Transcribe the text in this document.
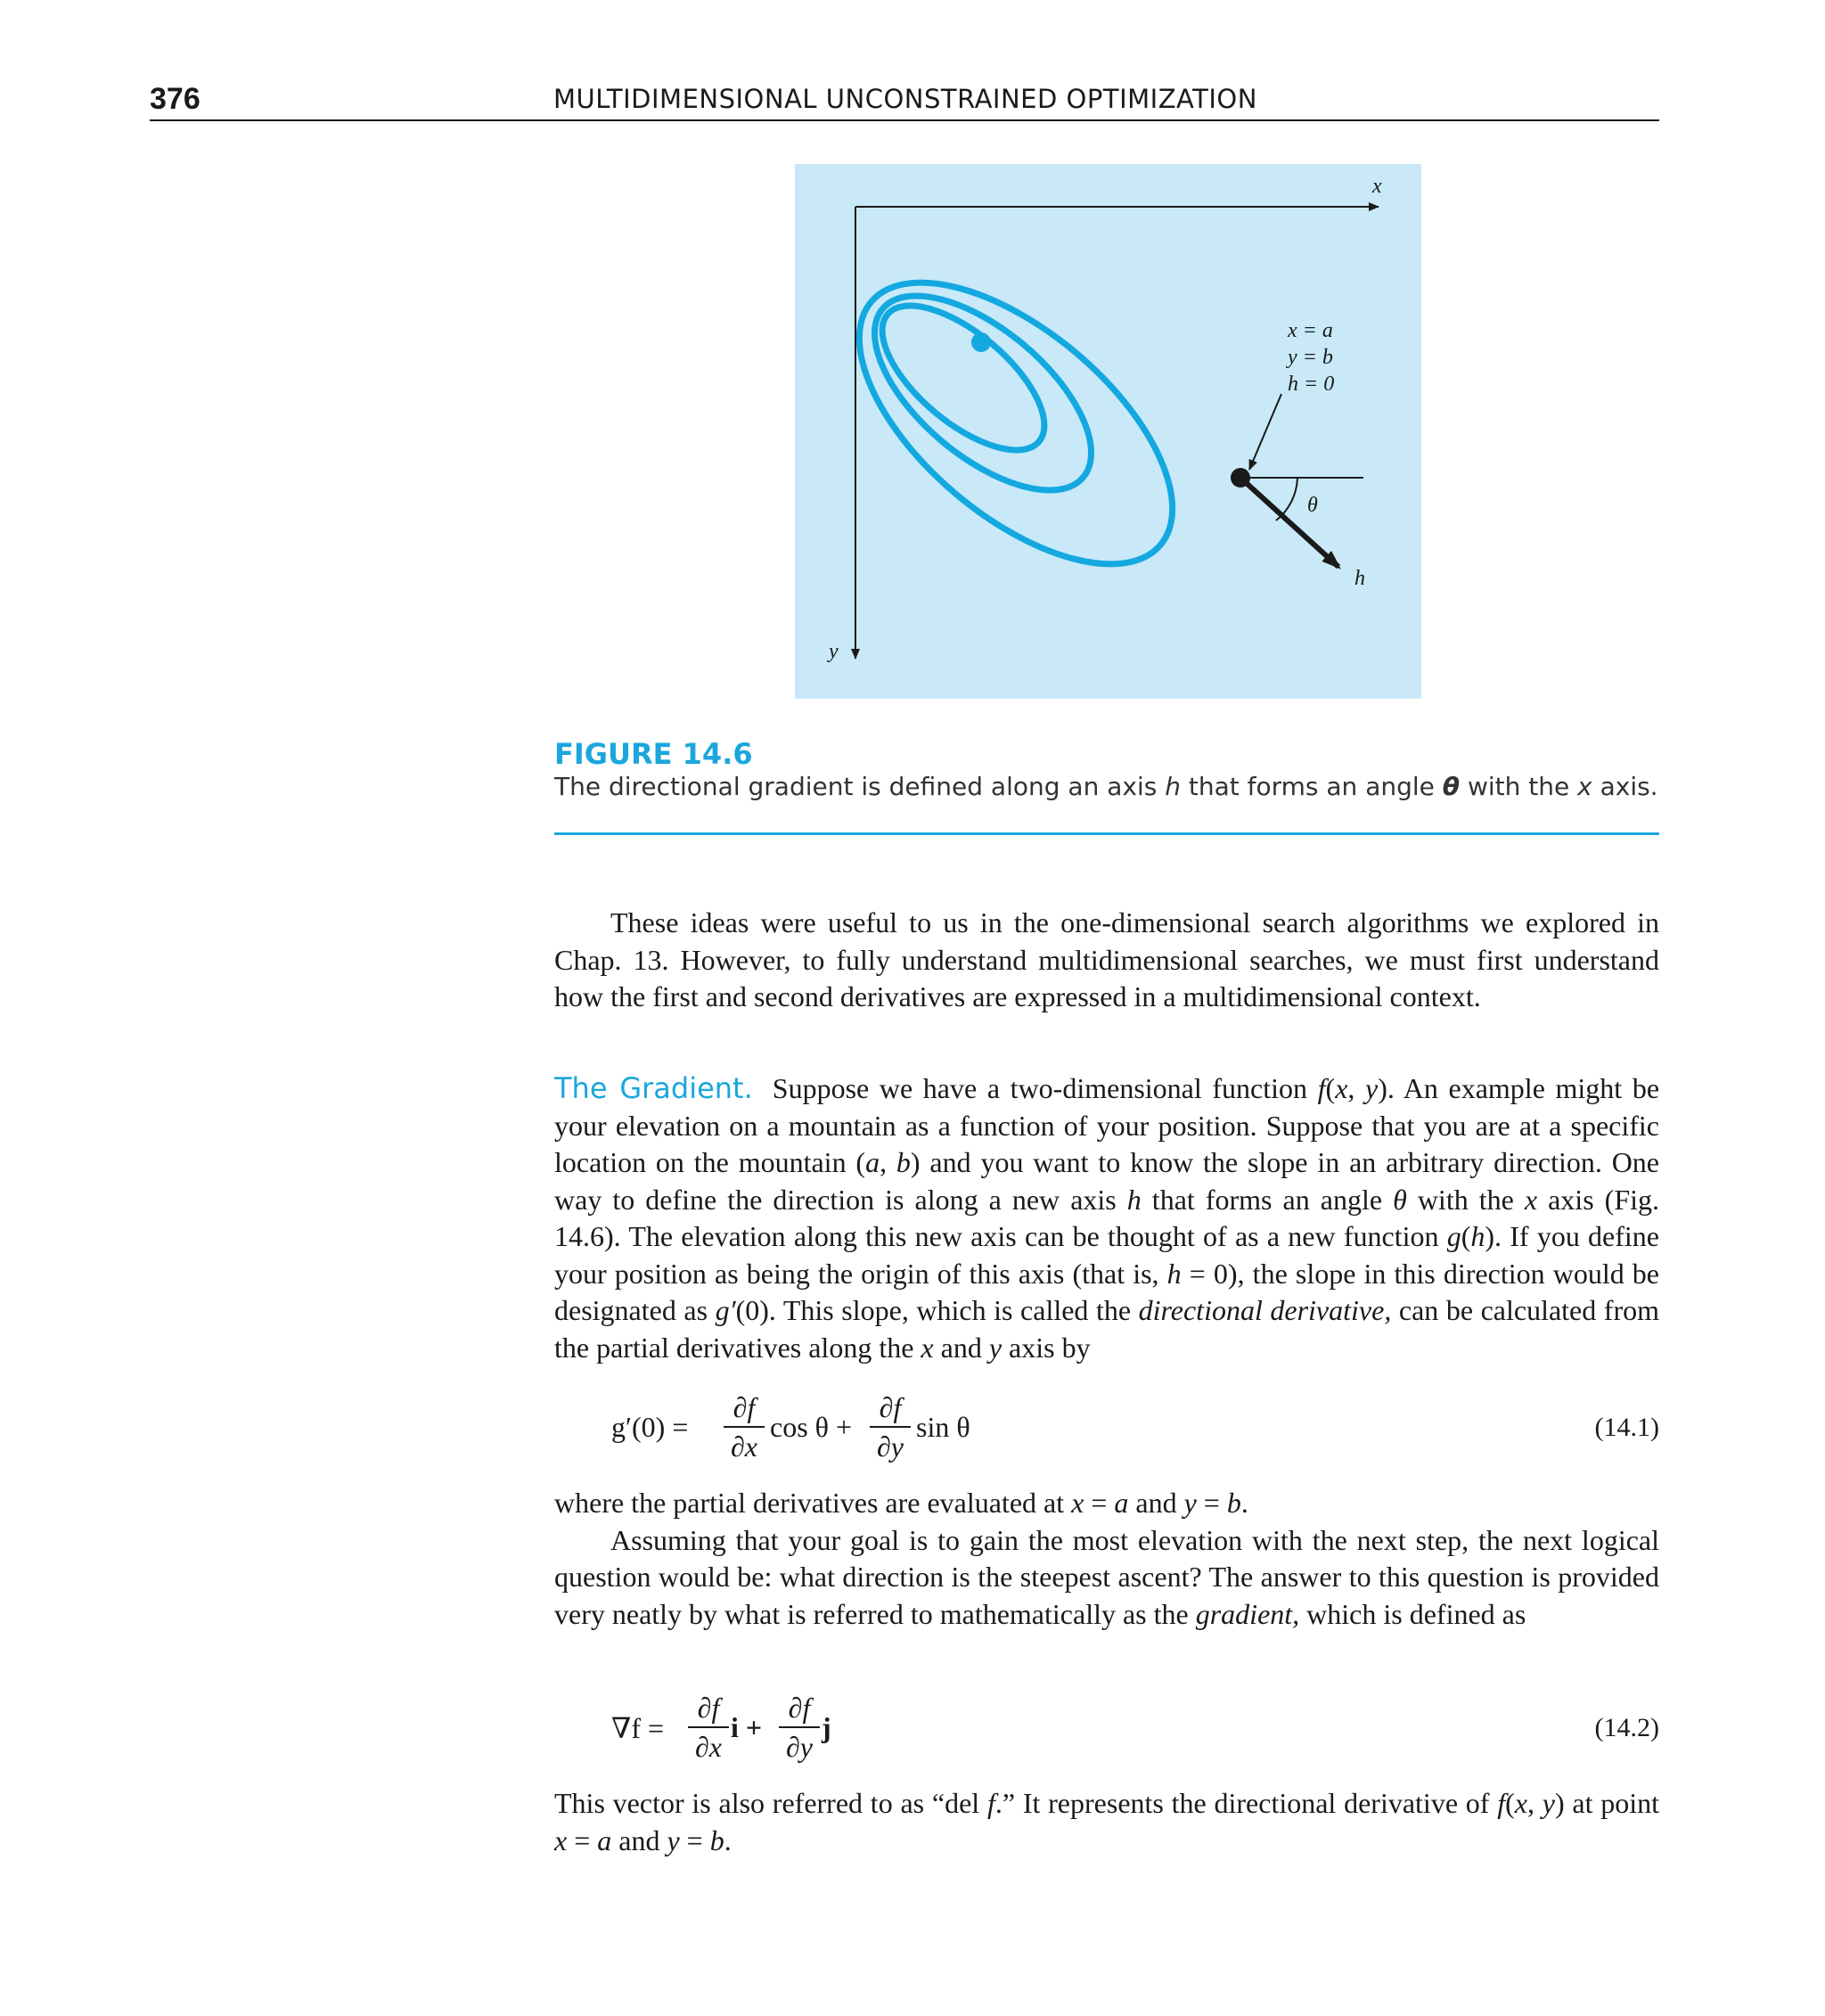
376	MULTIDIMENSIONAL UNCONSTRAINED OPTIMIZATION
x
y
x = a
y = b
h = 0
θ
h
FIGURE 14.6
The directional gradient is defined along an axis h that forms an angle θ with the x axis.

These ideas were useful to us in the one-dimensional search algorithms we explored in Chap. 13. However, to fully understand multidimensional searches, we must first understand how the first and second derivatives are expressed in a multidimensional context.

The Gradient. Suppose we have a two-dimensional function f(x, y). An example might be your elevation on a mountain as a function of your position. Suppose that you are at a specific location on the mountain (a, b) and you want to know the slope in an arbitrary direction. One way to define the direction is along a new axis h that forms an angle θ with the x axis (Fig. 14.6). The elevation along this new axis can be thought of as a new function g(h). If you define your position as being the origin of this axis (that is, h = 0), the slope in this direction would be designated as g′(0). This slope, which is called the directional derivative, can be calculated from the partial derivatives along the x and y axis by

g′(0) =
∂f
∂x
cos θ +
∂f
∂y
sin θ	(14.1)

where the partial derivatives are evaluated at x = a and y = b.

Assuming that your goal is to gain the most elevation with the next step, the next logical question would be: what direction is the steepest ascent? The answer to this question is provided very neatly by what is referred to mathematically as the gradient, which is defined as

∇f =
∂f
∂x
i +
∂f
∂y
j	(14.2)

This vector is also referred to as “del f.” It represents the directional derivative of f(x, y) at point x = a and y = b.
